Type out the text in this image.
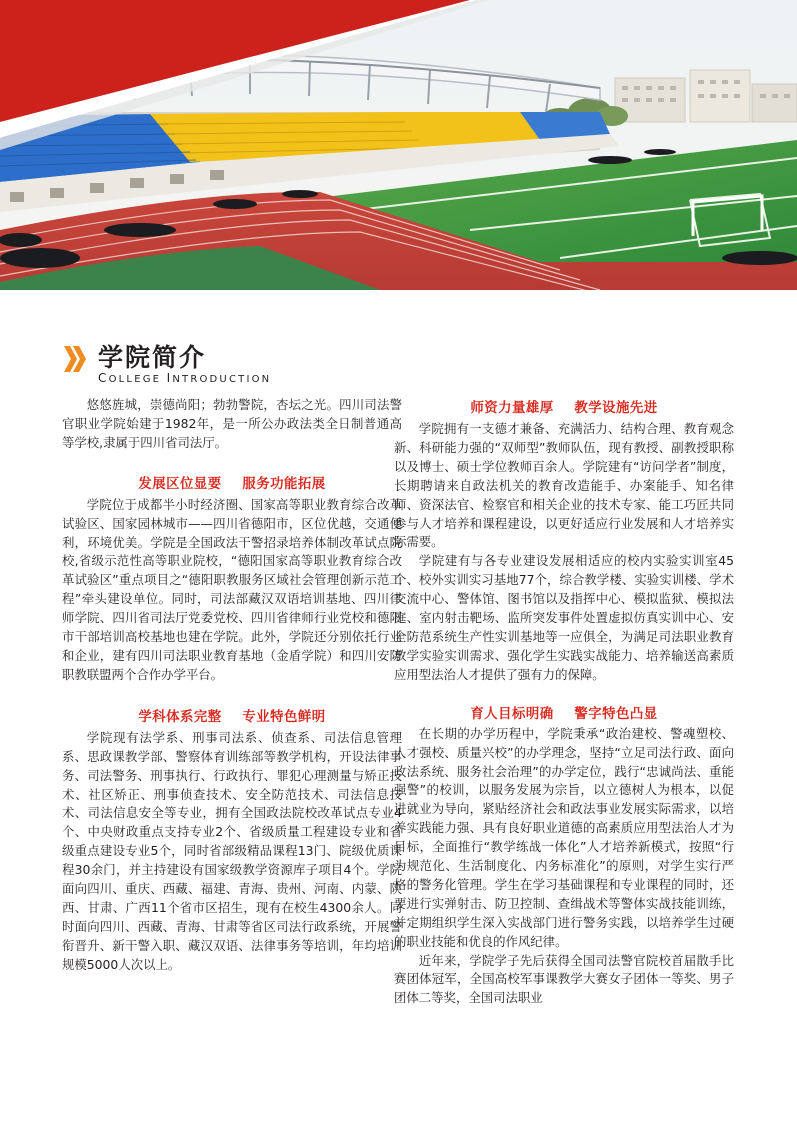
学院简介
COLLEGE INTRODUCTION

悠悠旌城，崇德尚阳；勃勃警院，杏坛之光。四川司法警官职业学院始建于1982年，是一所公办政法类全日制普通高等学校,隶属于四川省司法厅。

发展区位显要    服务功能拓展

学院位于成都半小时经济圈、国家高等职业教育综合改革试验区、国家园林城市——四川省德阳市，区位优越，交通便利，环境优美。学院是全国政法干警招录培养体制改革试点院校,省级示范性高等职业院校，“德阳国家高等职业教育综合改革试验区”重点项目之“德阳职教服务区域社会管理创新示范工程”牵头建设单位。同时，司法部藏汉双语培训基地、四川律师学院、四川省司法厅党委党校、四川省律师行业党校和德阳市干部培训高校基地也建在学院。此外，学院还分别依托行业和企业，建有四川司法职业教育基地（金盾学院）和四川安防职教联盟两个合作办学平台。

学科体系完整    专业特色鲜明

学院现有法学系、刑事司法系、侦查系、司法信息管理系、思政课教学部、警察体育训练部等教学机构，开设法律事务、司法警务、刑事执行、行政执行、罪犯心理测量与矫正技术、社区矫正、刑事侦查技术、安全防范技术、司法信息技术、司法信息安全等专业，拥有全国政法院校改革试点专业4个、中央财政重点支持专业2个、省级质量工程建设专业和省级重点建设专业5个，同时省部级精品课程13门、院级优质课程30余门，并主持建设有国家级教学资源库子项目4个。学院面向四川、重庆、西藏、福建、青海、贵州、河南、内蒙、陕西、甘肃、广西11个省市区招生，现有在校生4300余人。同时面向四川、西藏、青海、甘肃等省区司法行政系统，开展警衔晋升、新干警入职、藏汉双语、法律事务等培训，年均培训规模5000人次以上。

师资力量雄厚    教学设施先进

学院拥有一支德才兼备、充满活力、结构合理、教育观念新、科研能力强的“双师型”教师队伍，现有教授、副教授职称以及博士、硕士学位教师百余人。学院建有“访问学者”制度，长期聘请来自政法机关的教育改造能手、办案能手、知名律师、资深法官、检察官和相关企业的技术专家、能工巧匠共同参与人才培养和课程建设，以更好适应行业发展和人才培养实际需要。

学院建有与各专业建设发展相适应的校内实验实训室45个、校外实训实习基地77个，综合教学楼、实验实训楼、学术交流中心、警体馆、图书馆以及指挥中心、模拟监狱、模拟法庭、室内射击靶场、监所突发事件处置虚拟仿真实训中心、安全防范系统生产性实训基地等一应俱全，为满足司法职业教育教学实验实训需求、强化学生实践实战能力、培养输送高素质应用型法治人才提供了强有力的保障。

育人目标明确    警字特色凸显

在长期的办学历程中，学院秉承“政治建校、警魂塑校、人才强校、质量兴校”的办学理念，坚持“立足司法行政、面向政法系统、服务社会治理”的办学定位，践行“忠诚尚法、重能强警”的校训，以服务发展为宗旨，以立德树人为根本，以促进就业为导向，紧贴经济社会和政法事业发展实际需求，以培养实践能力强、具有良好职业道德的高素质应用型法治人才为目标，全面推行“教学练战一体化”人才培养新模式，按照“行为规范化、生活制度化、内务标准化”的原则，对学生实行严格的警务化管理。学生在学习基础课程和专业课程的同时，还要进行实弹射击、防卫控制、查缉战术等警体实战技能训练，并定期组织学生深入实战部门进行警务实践，以培养学生过硬的职业技能和优良的作风纪律。

近年来，学院学子先后获得全国司法警官院校首届散手比赛团体冠军，全国高校军事课教学大赛女子团体一等奖、男子团体二等奖，全国司法职业
